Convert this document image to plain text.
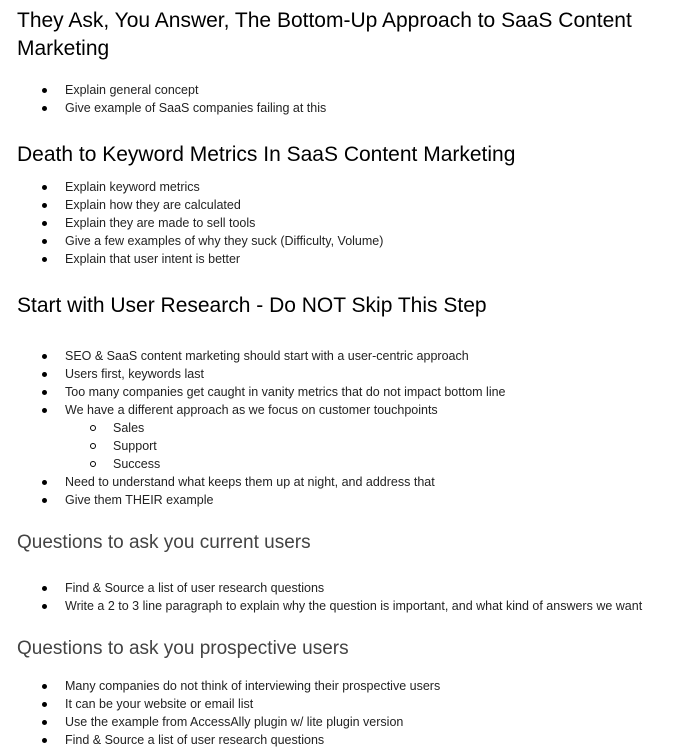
They Ask, You Answer, The Bottom-Up Approach to SaaS Content Marketing
Explain general concept
Give example of SaaS companies failing at this
Death to Keyword Metrics In SaaS Content Marketing
Explain keyword metrics
Explain how they are calculated
Explain they are made to sell tools
Give a few examples of why they suck (Difficulty, Volume)
Explain that user intent is better
Start with User Research - Do NOT Skip This Step
SEO & SaaS content marketing should start with a user-centric approach
Users first, keywords last
Too many companies get caught in vanity metrics that do not impact bottom line
We have a different approach as we focus on customer touchpoints
Sales
Support
Success
Need to understand what keeps them up at night, and address that
Give them THEIR example
Questions to ask you current users
Find & Source a list of user research questions
Write a 2 to 3 line paragraph to explain why the question is important, and what kind of answers we want
Questions to ask you prospective users
Many companies do not think of interviewing their prospective users
It can be your website or email list
Use the example from AccessAlly plugin w/ lite plugin version
Find & Source a list of user research questions
